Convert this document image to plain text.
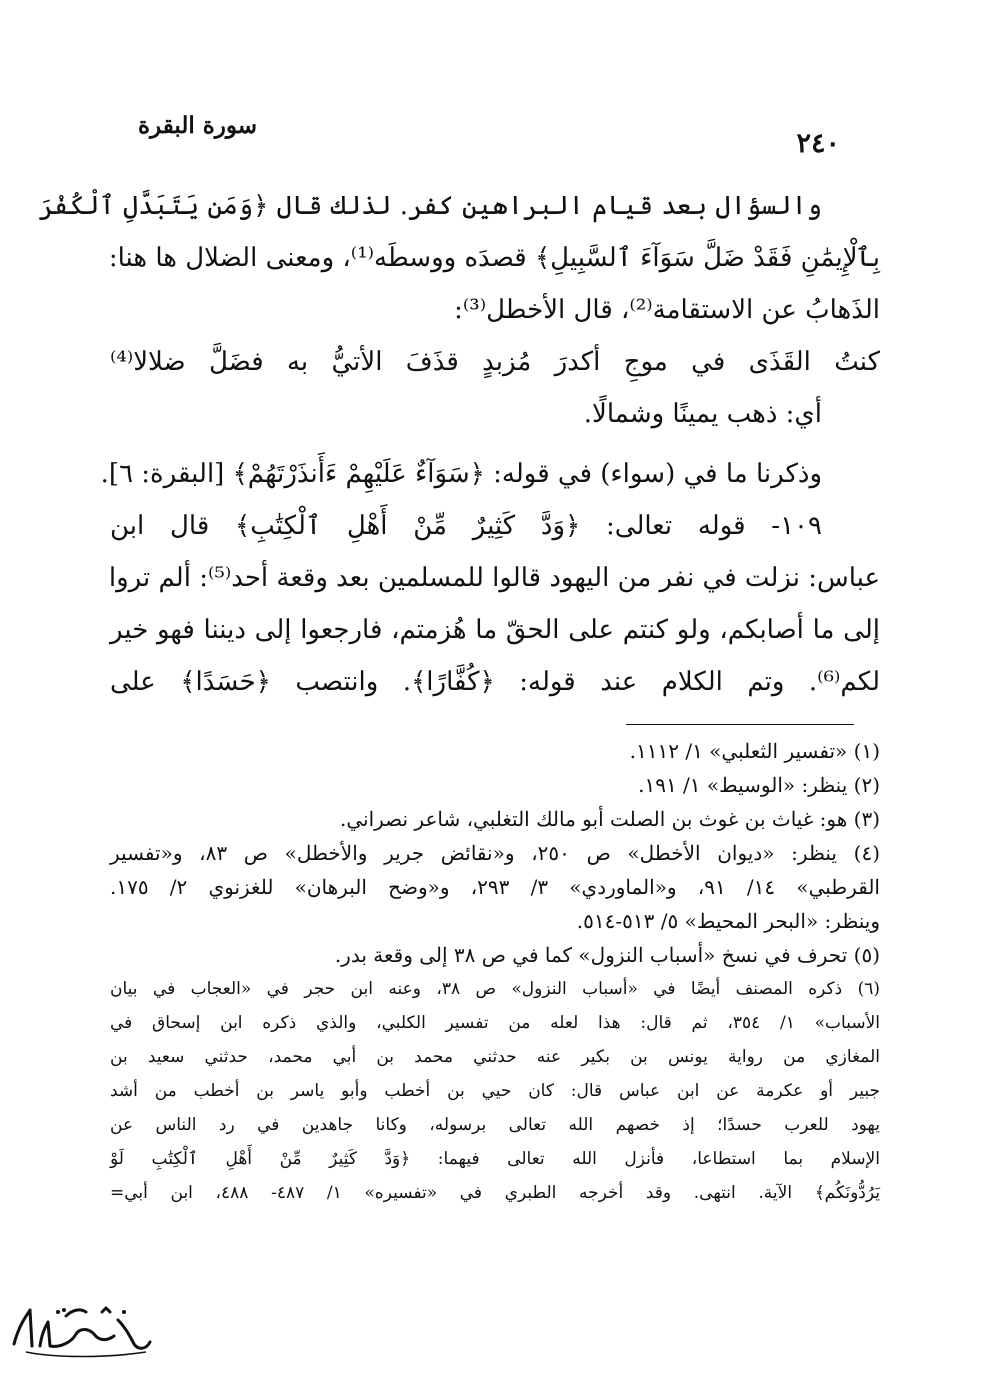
سورة البقرة
٢٤٠
والسؤال بعد قيام البراهين كفر. لذلك قال ﴿وَمَن يَتَبَدَّلِ ٱلْكُفْرَ
بِٱلْإِيمَٰنِ فَقَدْ ضَلَّ سَوَآءَ ٱلسَّبِيلِ﴾ قصدَه ووسطَه⁽¹⁾، ومعنى الضلال ها هنا:
الذَهابُ عن الاستقامة⁽²⁾، قال الأخطل⁽³⁾:
كنتُ القَذَى في موجِ أكدرَ مُزبدٍ قذَفَ الأتيُّ به فضَلَّ ضلالا⁽⁴⁾
أي: ذهب يمينًا وشمالًا.
وذكرنا ما في (سواء) في قوله: ﴿سَوَآءٌ عَلَيْهِمْ ءَأَنذَرْتَهُمْ﴾ [البقرة: ٦].
١٠٩- قوله تعالى: ﴿وَدَّ كَثِيرٌ مِّنْ أَهْلِ ٱلْكِتَٰبِ﴾ قال ابن
عباس: نزلت في نفر من اليهود قالوا للمسلمين بعد وقعة أحد⁽⁵⁾: ألم تروا
إلى ما أصابكم، ولو كنتم على الحقّ ما هُزمتم، فارجعوا إلى ديننا فهو خير
لكم⁽⁶⁾. وتم الكلام عند قوله: ﴿كُفَّارًا﴾. وانتصب ﴿حَسَدًا﴾ على
(١) «تفسير الثعلبي» ١/ ١١١٢.
(٢) ينظر: «الوسيط» ١/ ١٩١.
(٣) هو: غياث بن غوث بن الصلت أبو مالك التغلبي، شاعر نصراني.
(٤) ينظر: «ديوان الأخطل» ص ٢٥٠، و«نقائض جرير والأخطل» ص ٨٣، و«تفسير
القرطبي» ١٤/ ٩١، و«الماوردي» ٣/ ٢٩٣، و«وضح البرهان» للغزنوي ٢/ ١٧٥.
وينظر: «البحر المحيط» ٥/ ٥١٣-٥١٤.
(٥) تحرف في نسخ «أسباب النزول» كما في ص ٣٨ إلى وقعة بدر.
(٦) ذكره المصنف أيضًا في «أسباب النزول» ص ٣٨، وعنه ابن حجر في «العجاب في بيان
الأسباب» ١/ ٣٥٤، ثم قال: هذا لعله من تفسير الكلبي، والذي ذكره ابن إسحاق في
المغازي من رواية يونس بن بكير عنه حدثني محمد بن أبي محمد، حدثني سعيد بن
جبير أو عكرمة عن ابن عباس قال: كان حيي بن أخطب وأبو ياسر بن أخطب من أشد
يهود للعرب حسدًا؛ إذ خصهم الله تعالى برسوله، وكانا جاهدين في رد الناس عن
الإسلام بما استطاعا، فأنزل الله تعالى فيهما: ﴿وَدَّ كَثِيرٌ مِّنْ أَهْلِ ٱلْكِتَٰبِ لَوْ
يَرُدُّونَكُم﴾ الآية. انتهى. وقد أخرجه الطبري في «تفسيره» ١/ ٤٨٧- ٤٨٨، ابن أبي=
